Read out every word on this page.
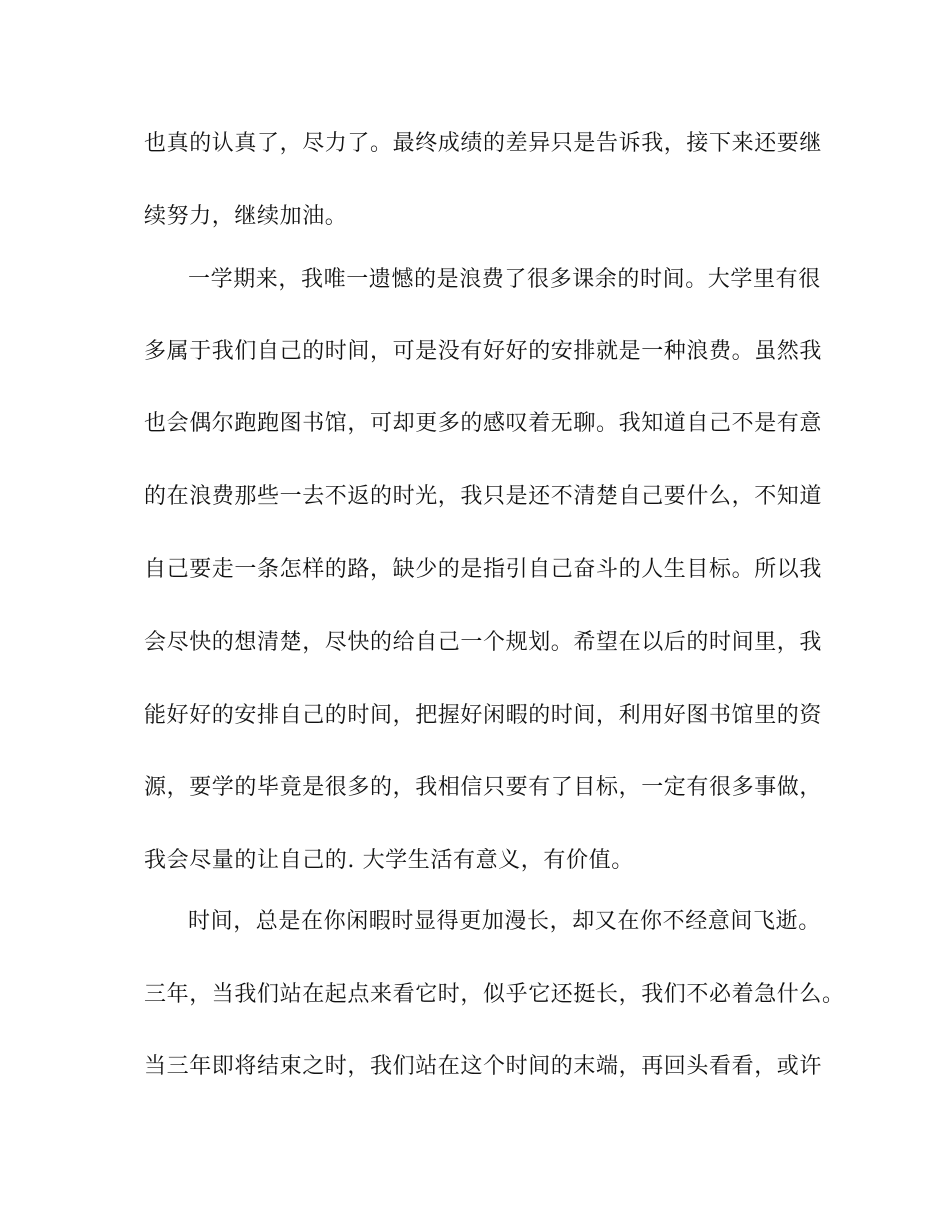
也真的认真了，尽力了。最终成绩的差异只是告诉我，接下来还要继
续努力，继续加油。
一学期来，我唯一遗憾的是浪费了很多课余的时间。大学里有很
多属于我们自己的时间，可是没有好好的安排就是一种浪费。虽然我
也会偶尔跑跑图书馆，可却更多的感叹着无聊。我知道自己不是有意
的在浪费那些一去不返的时光，我只是还不清楚自己要什么，不知道
自己要走一条怎样的路，缺少的是指引自己奋斗的人生目标。所以我
会尽快的想清楚，尽快的给自己一个规划。希望在以后的时间里，我
能好好的安排自己的时间，把握好闲暇的时间，利用好图书馆里的资
源，要学的毕竟是很多的，我相信只要有了目标，一定有很多事做，
我会尽量的让自己的. 大学生活有意义，有价值。
时间，总是在你闲暇时显得更加漫长，却又在你不经意间飞逝。
三年，当我们站在起点来看它时，似乎它还挺长，我们不必着急什么。
当三年即将结束之时，我们站在这个时间的末端，再回头看看，或许
